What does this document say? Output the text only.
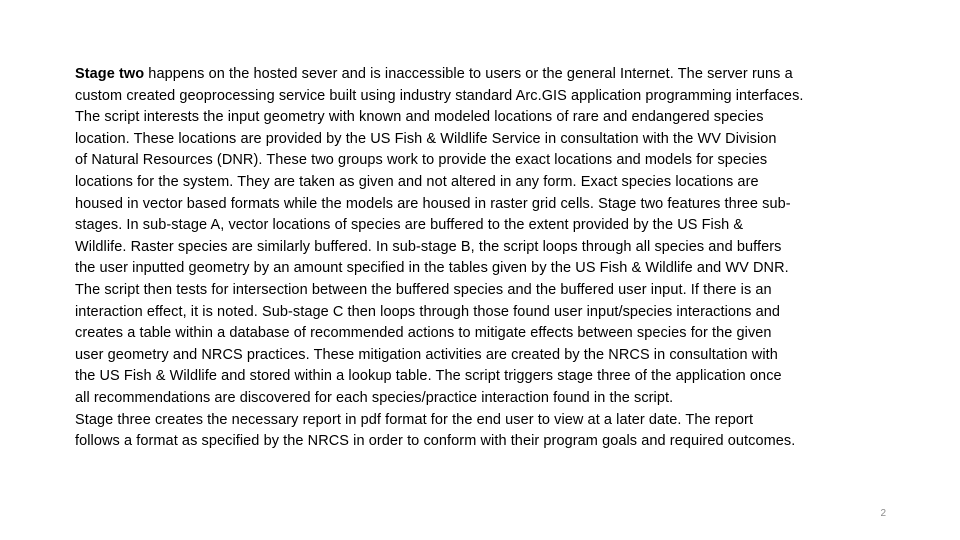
Stage two happens on the hosted sever and is inaccessible to users or the general Internet. The server runs a
custom created geoprocessing service built using industry standard Arc.GIS application programming interfaces.
The script interests the input geometry with known and modeled locations of rare and endangered species
location. These locations are provided by the US Fish & Wildlife Service in consultation with the WV Division
of Natural Resources (DNR). These two groups work to provide the exact locations and models for species
locations for the system. They are taken as given and not altered in any form. Exact species locations are
housed in vector based formats while the models are housed in raster grid cells. Stage two features three sub-
stages. In sub-stage A, vector locations of species are buffered to the extent provided by the US Fish &
Wildlife. Raster species are similarly buffered. In sub-stage B, the script loops through all species and buffers
the user inputted geometry by an amount specified in the tables given by the US Fish & Wildlife and WV DNR.
The script then tests for intersection between the buffered species and the buffered user input. If there is an
interaction effect, it is noted. Sub-stage C then loops through those found user input/species interactions and
creates a table within a database of recommended actions to mitigate effects between species for the given
user geometry and NRCS practices. These mitigation activities are created by the NRCS in consultation with
the US Fish & Wildlife and stored within a lookup table. The script triggers stage three of the application once
all recommendations are discovered for each species/practice interaction found in the script.
Stage three creates the necessary report in pdf format for the end user to view at a later date. The report
follows a format as specified by the NRCS in order to conform with their program goals and required outcomes.
2
